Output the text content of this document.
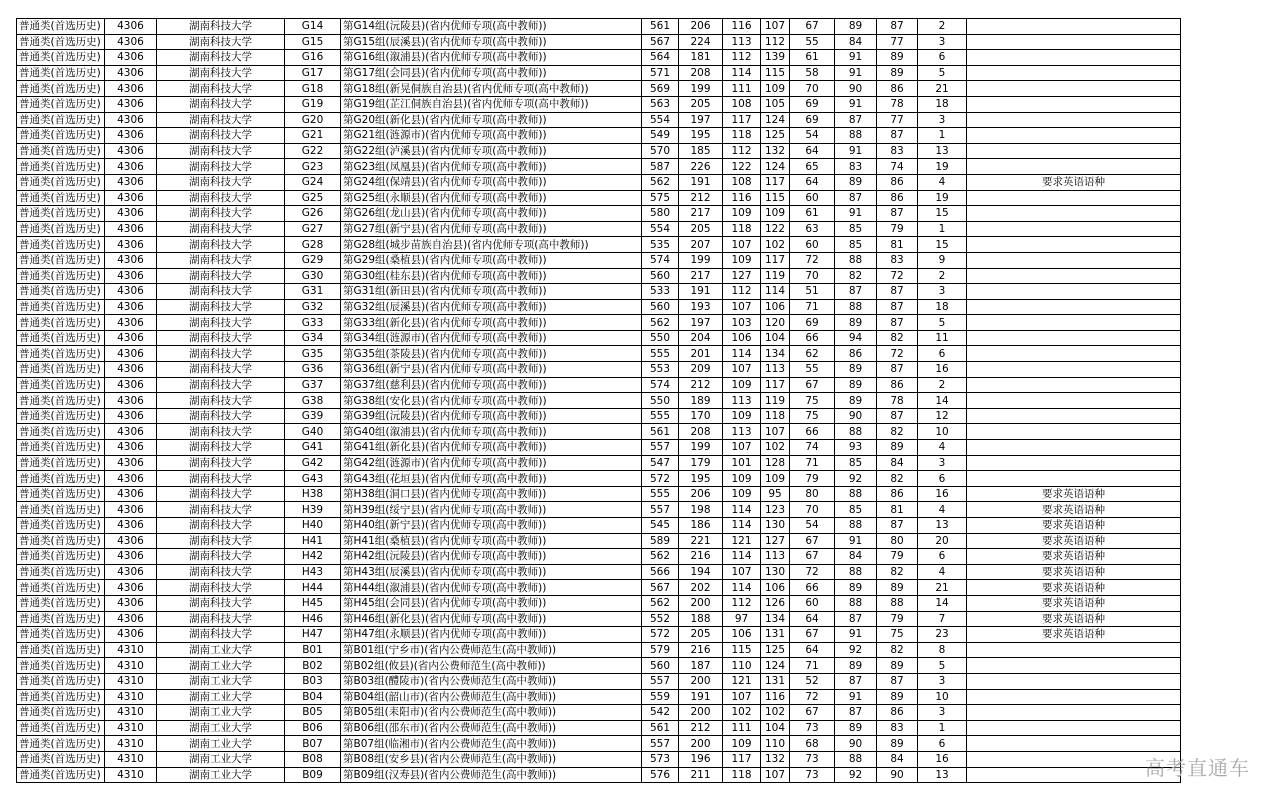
普通类(首选历史)	4306	湖南科技大学	G14	第G14组(沅陵县)(省内优师专项(高中教师))	561	206	116	107	67	89	87	2	
普通类(首选历史)	4306	湖南科技大学	G15	第G15组(辰溪县)(省内优师专项(高中教师))	567	224	113	112	55	84	77	3	
普通类(首选历史)	4306	湖南科技大学	G16	第G16组(溆浦县)(省内优师专项(高中教师))	564	181	112	139	61	91	89	6	
普通类(首选历史)	4306	湖南科技大学	G17	第G17组(会同县)(省内优师专项(高中教师))	571	208	114	115	58	91	89	5	
普通类(首选历史)	4306	湖南科技大学	G18	第G18组(新晃侗族自治县)(省内优师专项(高中教师))	569	199	111	109	70	90	86	21	
普通类(首选历史)	4306	湖南科技大学	G19	第G19组(芷江侗族自治县)(省内优师专项(高中教师))	563	205	108	105	69	91	78	18	
普通类(首选历史)	4306	湖南科技大学	G20	第G20组(新化县)(省内优师专项(高中教师))	554	197	117	124	69	87	77	3	
普通类(首选历史)	4306	湖南科技大学	G21	第G21组(涟源市)(省内优师专项(高中教师))	549	195	118	125	54	88	87	1	
普通类(首选历史)	4306	湖南科技大学	G22	第G22组(泸溪县)(省内优师专项(高中教师))	570	185	112	132	64	91	83	13	
普通类(首选历史)	4306	湖南科技大学	G23	第G23组(凤凰县)(省内优师专项(高中教师))	587	226	122	124	65	83	74	19	
普通类(首选历史)	4306	湖南科技大学	G24	第G24组(保靖县)(省内优师专项(高中教师))	562	191	108	117	64	89	86	4	要求英语语种
普通类(首选历史)	4306	湖南科技大学	G25	第G25组(永顺县)(省内优师专项(高中教师))	575	212	116	115	60	87	86	19	
普通类(首选历史)	4306	湖南科技大学	G26	第G26组(龙山县)(省内优师专项(高中教师))	580	217	109	109	61	91	87	15	
普通类(首选历史)	4306	湖南科技大学	G27	第G27组(新宁县)(省内优师专项(高中教师))	554	205	118	122	63	85	79	1	
普通类(首选历史)	4306	湖南科技大学	G28	第G28组(城步苗族自治县)(省内优师专项(高中教师))	535	207	107	102	60	85	81	15	
普通类(首选历史)	4306	湖南科技大学	G29	第G29组(桑植县)(省内优师专项(高中教师))	574	199	109	117	72	88	83	9	
普通类(首选历史)	4306	湖南科技大学	G30	第G30组(桂东县)(省内优师专项(高中教师))	560	217	127	119	70	82	72	2	
普通类(首选历史)	4306	湖南科技大学	G31	第G31组(新田县)(省内优师专项(高中教师))	533	191	112	114	51	87	87	3	
普通类(首选历史)	4306	湖南科技大学	G32	第G32组(辰溪县)(省内优师专项(高中教师))	560	193	107	106	71	88	87	18	
普通类(首选历史)	4306	湖南科技大学	G33	第G33组(新化县)(省内优师专项(高中教师))	562	197	103	120	69	89	87	5	
普通类(首选历史)	4306	湖南科技大学	G34	第G34组(涟源市)(省内优师专项(高中教师))	550	204	106	104	66	94	82	11	
普通类(首选历史)	4306	湖南科技大学	G35	第G35组(茶陵县)(省内优师专项(高中教师))	555	201	114	134	62	86	72	6	
普通类(首选历史)	4306	湖南科技大学	G36	第G36组(新宁县)(省内优师专项(高中教师))	553	209	107	113	55	89	87	16	
普通类(首选历史)	4306	湖南科技大学	G37	第G37组(慈利县)(省内优师专项(高中教师))	574	212	109	117	67	89	86	2	
普通类(首选历史)	4306	湖南科技大学	G38	第G38组(安化县)(省内优师专项(高中教师))	550	189	113	119	75	89	78	14	
普通类(首选历史)	4306	湖南科技大学	G39	第G39组(沅陵县)(省内优师专项(高中教师))	555	170	109	118	75	90	87	12	
普通类(首选历史)	4306	湖南科技大学	G40	第G40组(溆浦县)(省内优师专项(高中教师))	561	208	113	107	66	88	82	10	
普通类(首选历史)	4306	湖南科技大学	G41	第G41组(新化县)(省内优师专项(高中教师))	557	199	107	102	74	93	89	4	
普通类(首选历史)	4306	湖南科技大学	G42	第G42组(涟源市)(省内优师专项(高中教师))	547	179	101	128	71	85	84	3	
普通类(首选历史)	4306	湖南科技大学	G43	第G43组(花垣县)(省内优师专项(高中教师))	572	195	109	109	79	92	82	6	
普通类(首选历史)	4306	湖南科技大学	H38	第H38组(洞口县)(省内优师专项(高中教师))	555	206	109	95	80	88	86	16	要求英语语种
普通类(首选历史)	4306	湖南科技大学	H39	第H39组(绥宁县)(省内优师专项(高中教师))	557	198	114	123	70	85	81	4	要求英语语种
普通类(首选历史)	4306	湖南科技大学	H40	第H40组(新宁县)(省内优师专项(高中教师))	545	186	114	130	54	88	87	13	要求英语语种
普通类(首选历史)	4306	湖南科技大学	H41	第H41组(桑植县)(省内优师专项(高中教师))	589	221	121	127	67	91	80	20	要求英语语种
普通类(首选历史)	4306	湖南科技大学	H42	第H42组(沅陵县)(省内优师专项(高中教师))	562	216	114	113	67	84	79	6	要求英语语种
普通类(首选历史)	4306	湖南科技大学	H43	第H43组(辰溪县)(省内优师专项(高中教师))	566	194	107	130	72	88	82	4	要求英语语种
普通类(首选历史)	4306	湖南科技大学	H44	第H44组(溆浦县)(省内优师专项(高中教师))	567	202	114	106	66	89	89	21	要求英语语种
普通类(首选历史)	4306	湖南科技大学	H45	第H45组(会同县)(省内优师专项(高中教师))	562	200	112	126	60	88	88	14	要求英语语种
普通类(首选历史)	4306	湖南科技大学	H46	第H46组(新化县)(省内优师专项(高中教师))	552	188	97	134	64	87	79	7	要求英语语种
普通类(首选历史)	4306	湖南科技大学	H47	第H47组(永顺县)(省内优师专项(高中教师))	572	205	106	131	67	91	75	23	要求英语语种
普通类(首选历史)	4310	湖南工业大学	B01	第B01组(宁乡市)(省内公费师范生(高中教师))	579	216	115	125	64	92	82	8	
普通类(首选历史)	4310	湖南工业大学	B02	第B02组(攸县)(省内公费师范生(高中教师))	560	187	110	124	71	89	89	5	
普通类(首选历史)	4310	湖南工业大学	B03	第B03组(醴陵市)(省内公费师范生(高中教师))	557	200	121	131	52	87	87	3	
普通类(首选历史)	4310	湖南工业大学	B04	第B04组(韶山市)(省内公费师范生(高中教师))	559	191	107	116	72	91	89	10	
普通类(首选历史)	4310	湖南工业大学	B05	第B05组(耒阳市)(省内公费师范生(高中教师))	542	200	102	102	67	87	86	3	
普通类(首选历史)	4310	湖南工业大学	B06	第B06组(邵东市)(省内公费师范生(高中教师))	561	212	111	104	73	89	83	1	
普通类(首选历史)	4310	湖南工业大学	B07	第B07组(临湘市)(省内公费师范生(高中教师))	557	200	109	110	68	90	89	6	
普通类(首选历史)	4310	湖南工业大学	B08	第B08组(安乡县)(省内公费师范生(高中教师))	573	196	117	132	73	88	84	16	
普通类(首选历史)	4310	湖南工业大学	B09	第B09组(汉寿县)(省内公费师范生(高中教师))	576	211	118	107	73	92	90	13		高考直通车
